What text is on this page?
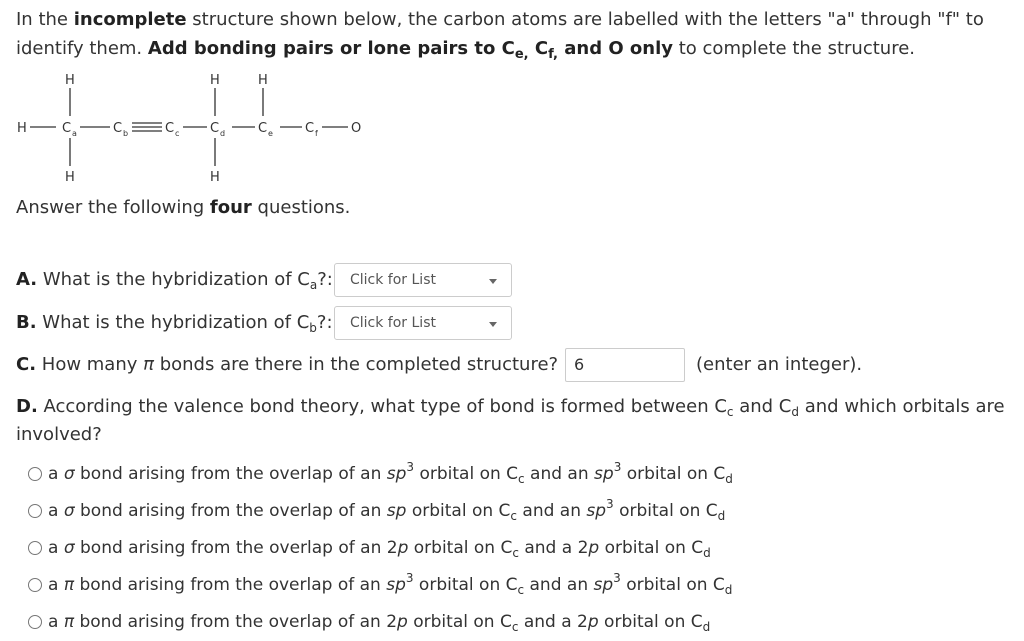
In the incomplete structure shown below, the carbon atoms are labelled with the letters "a" through "f" to
identify them. Add bonding pairs or lone pairs to $C_{e,}$ $C_{f,}$ and O only to complete the structure.
H	H	H
H	H
H	C a	C b	C c C d	C e C f	O
Answer the following four questions.
A. What is the hybridization of $C_a$?:	Click for List
B. What is the hybridization of $C_b$?:	Click for List
C. How many π bonds are there in the completed structure? 6	(enter an integer).
D. According the valence bond theory, what type of bond is formed between $C_c$ and $C_d$ and which orbitals are
involved?
a σ bond arising from the overlap of an $sp^3$ orbital on $C_c$ and an $sp^3$ orbital on $C_d$
a σ bond arising from the overlap of an sp orbital on $C_c$ and an $sp^3$ orbital on $C_d$
a σ bond arising from the overlap of an 2p orbital on $C_c$ and a 2p orbital on $C_d$
a π bond arising from the overlap of an $sp^3$ orbital on $C_c$ and an $sp^3$ orbital on $C_d$
a π bond arising from the overlap of an 2p orbital on $C_c$ and a 2p orbital on $C_d$
